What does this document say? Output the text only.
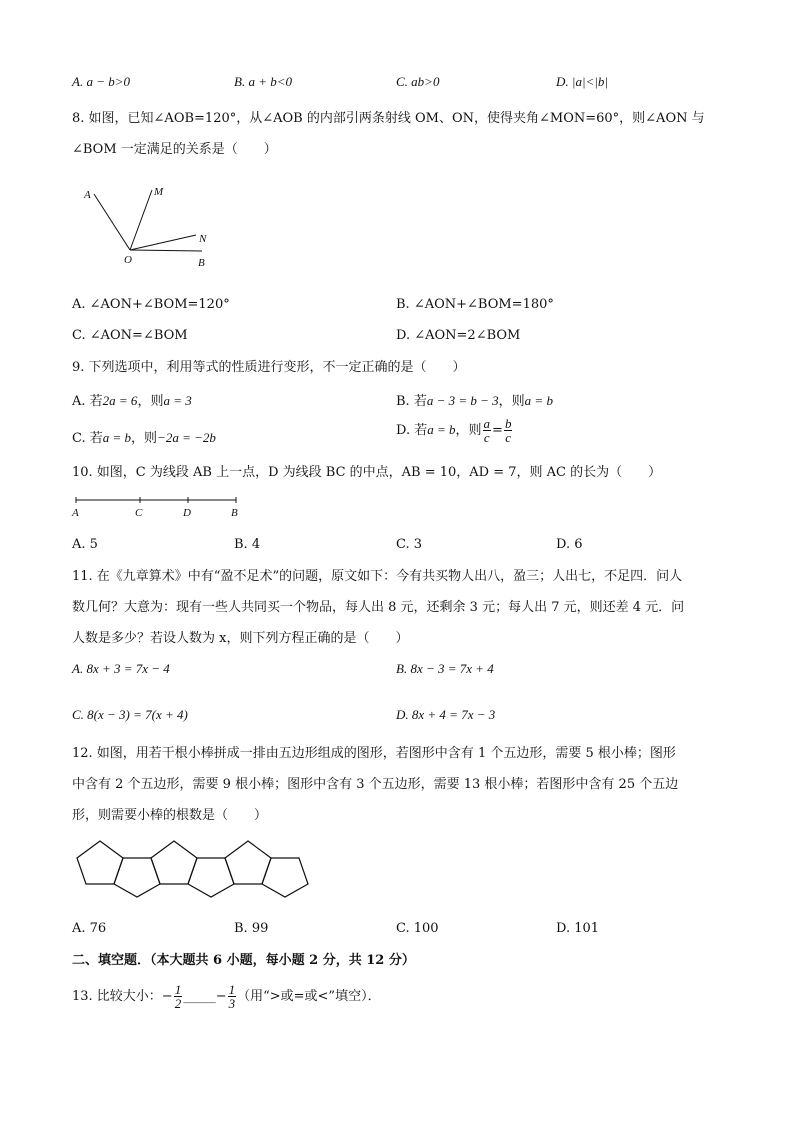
A. a − b>0	B. a + b<0	C. ab>0	D. |a|<|b|
8. 如图，已知∠AOB=120°，从∠AOB 的内部引两条射线 OM、ON，使得夹角∠MON=60°，则∠AON 与
∠BOM 一定满足的关系是（　　）
A	M
N
O	B
A. ∠AON+∠BOM=120°	B. ∠AON+∠BOM=180°
C. ∠AON=∠BOM	D. ∠AON=2∠BOM
9. 下列选项中，利用等式的性质进行变形，不一定正确的是（　　）
A. 若2a = 6，则a = 3	B. 若a − 3 = b − 3，则a = b
C. 若a = b，则−2a = −2b	D. 若a = b，则 $\frac{a}{c} = \frac{b}{c}$
10. 如图，C 为线段 AB 上一点，D 为线段 BC 的中点，AB = 10，AD = 7，则 AC 的长为（　　）
A	C	D	B
A. 5	B. 4	C. 3	D. 6
11. 在《九章算术》中有“盈不足术”的问题，原文如下：今有共买物人出八，盈三；人出七，不足四．问人
数几何？大意为：现有一些人共同买一个物品，每人出 8 元，还剩余 3 元；每人出 7 元，则还差 4 元．问
人数是多少？若设人数为 x，则下列方程正确的是（　　）
A. 8x + 3 = 7x − 4	B. 8x − 3 = 7x + 4
C. 8(x − 3) = 7(x + 4)	D. 8x + 4 = 7x − 3
12. 如图，用若干根小棒拼成一排由五边形组成的图形，若图形中含有 1 个五边形，需要 5 根小棒；图形
中含有 2 个五边形，需要 9 根小棒；图形中含有 3 个五边形，需要 13 根小棒；若图形中含有 25 个五边
形，则需要小棒的根数是（　　）
A. 76	B. 99	C. 100	D. 101
二、填空题．（本大题共 6 小题，每小题 2 分，共 12 分）
13. 比较大小：− $\frac{1}{2}$ _____− $\frac{1}{3}$ （用“>或=或<”填空）．
